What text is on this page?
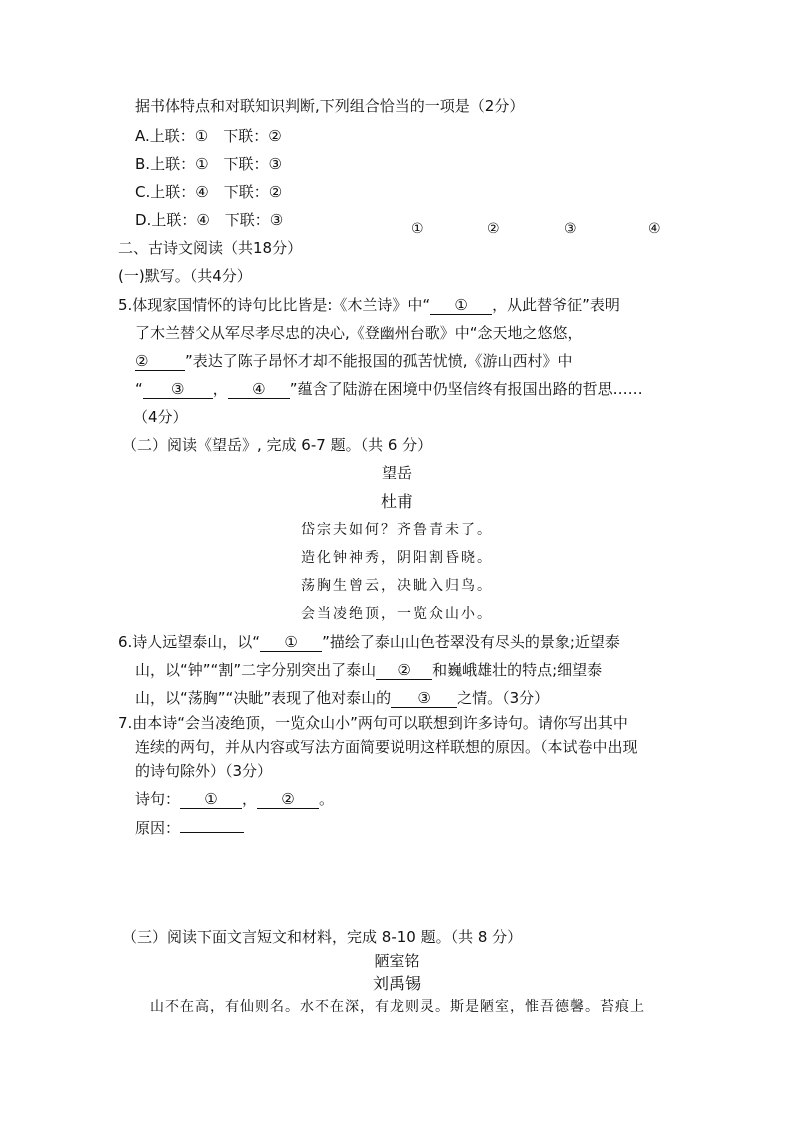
据书体特点和对联知识判断,下列组合恰当的一项是（2分）
A.上联：①　下联：②
B.上联：①　下联：③
C.上联：④　下联：②
D.上联：④　下联：③	①	②	③	④
二、古诗文阅读（共18分）
(一)默写。（共4分）
5.体现家国情怀的诗句比比皆是:《木兰诗》中“ ① ，从此替爷征”表明
了木兰替父从军尽孝尽忠的决心,《登幽州台歌》中“念天地之悠悠，
② ”表达了陈子昂怀才却不能报国的孤苦忧愤,《游山西村》中
“ ③ ， ④ ”蕴含了陆游在困境中仍坚信终有报国出路的哲思……
（4分）
（二）阅读《望岳》, 完成 6-7 题。（共 6 分）
望岳
杜甫
岱宗夫如何？齐鲁青未了。
造化钟神秀，阴阳割昏晓。
荡胸生曾云，决眦入归鸟。
会当凌绝顶，一览众山小。
6.诗人远望泰山，以“ ① ”描绘了泰山山色苍翠没有尽头的景象;近望泰
山，以“钟”“割”二字分别突出了泰山 ② 和巍峨雄壮的特点;细望泰
山，以“荡胸”“决眦”表现了他对泰山的 ③ 之情。（3分）
7.由本诗“会当凌绝顶，一览众山小”两句可以联想到许多诗句。请你写出其中
连续的两句，并从内容或写法方面简要说明这样联想的原因。（本试卷中出现
的诗句除外）（3分）
诗句： ① ， ② 。
原因：
（三）阅读下面文言短文和材料，完成 8-10 题。（共 8 分）
陋室铭
刘禹锡
山不在高，有仙则名。水不在深，有龙则灵。斯是陋室，惟吾德馨。苔痕上
